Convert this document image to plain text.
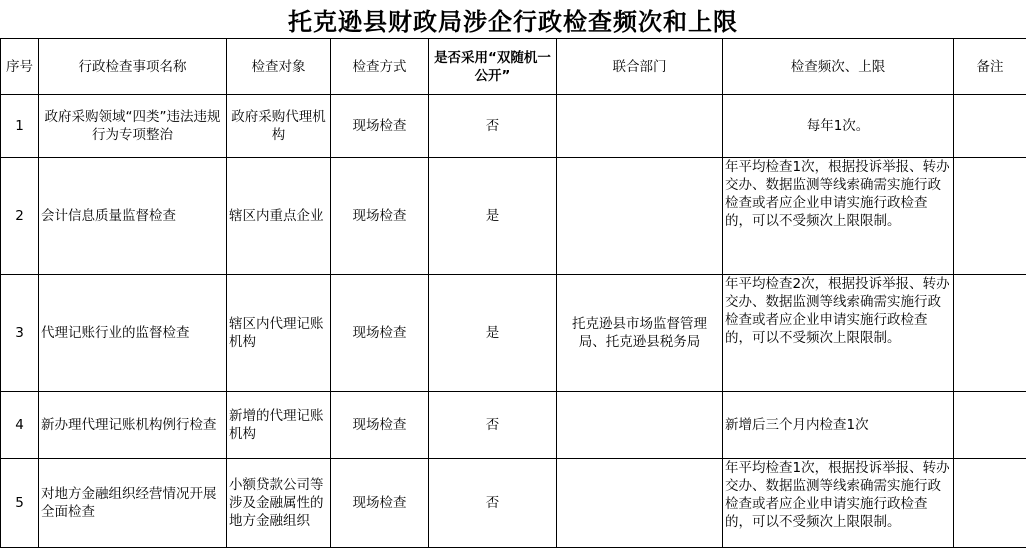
托克逊县财政局涉企行政检查频次和上限
序号	行政检查事项名称	检查对象	检查方式	是否采用“双随机一公开”	联合部门	检查频次、上限	备注
1	政府采购领域“四类”违法违规行为专项整治	政府采购代理机构	现场检查	否		每年1次。	
2	会计信息质量监督检查	辖区内重点企业	现场检查	是		年平均检查1次，根据投诉举报、转办交办、数据监测等线索确需实施行政检查或者应企业申请实施行政检查的，可以不受频次上限限制。	
3	代理记账行业的监督检查	辖区内代理记账机构	现场检查	是	托克逊县市场监督管理局、托克逊县税务局	年平均检查2次，根据投诉举报、转办交办、数据监测等线索确需实施行政检查或者应企业申请实施行政检查的，可以不受频次上限限制。	
4	新办理代理记账机构例行检查	新增的代理记账机构	现场检查	否		新增后三个月内检查1次	
5	对地方金融组织经营情况开展全面检查	小额贷款公司等涉及金融属性的地方金融组织	现场检查	否		年平均检查1次，根据投诉举报、转办交办、数据监测等线索确需实施行政检查或者应企业申请实施行政检查的，可以不受频次上限限制。	
